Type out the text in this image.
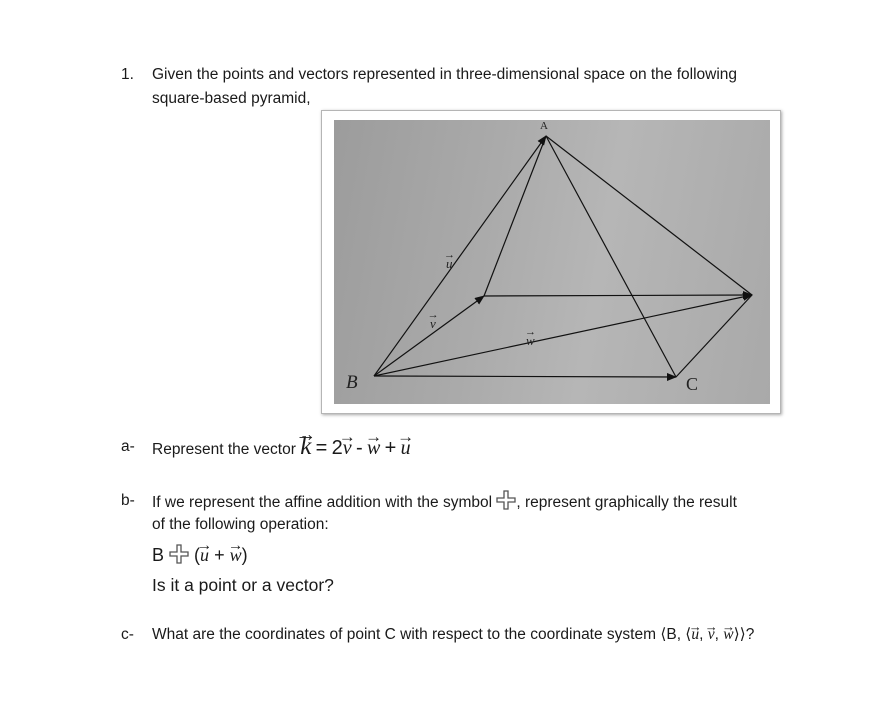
1. Given the points and vectors represented in three-dimensional space on the following
square-based pyramid,
A
B	C
→ u
→ v
→ w
a- Represent the vector → k = 2→ v - → w + → u
b- If we represent the affine addition with the symbol , represent graphically the result
of the following operation:
B (→ u + → w)
Is it a point or a vector?
c- What are the coordinates of point C with respect to the coordinate system ⟨B, ⟨→ u, → v, → w⟩⟩?
